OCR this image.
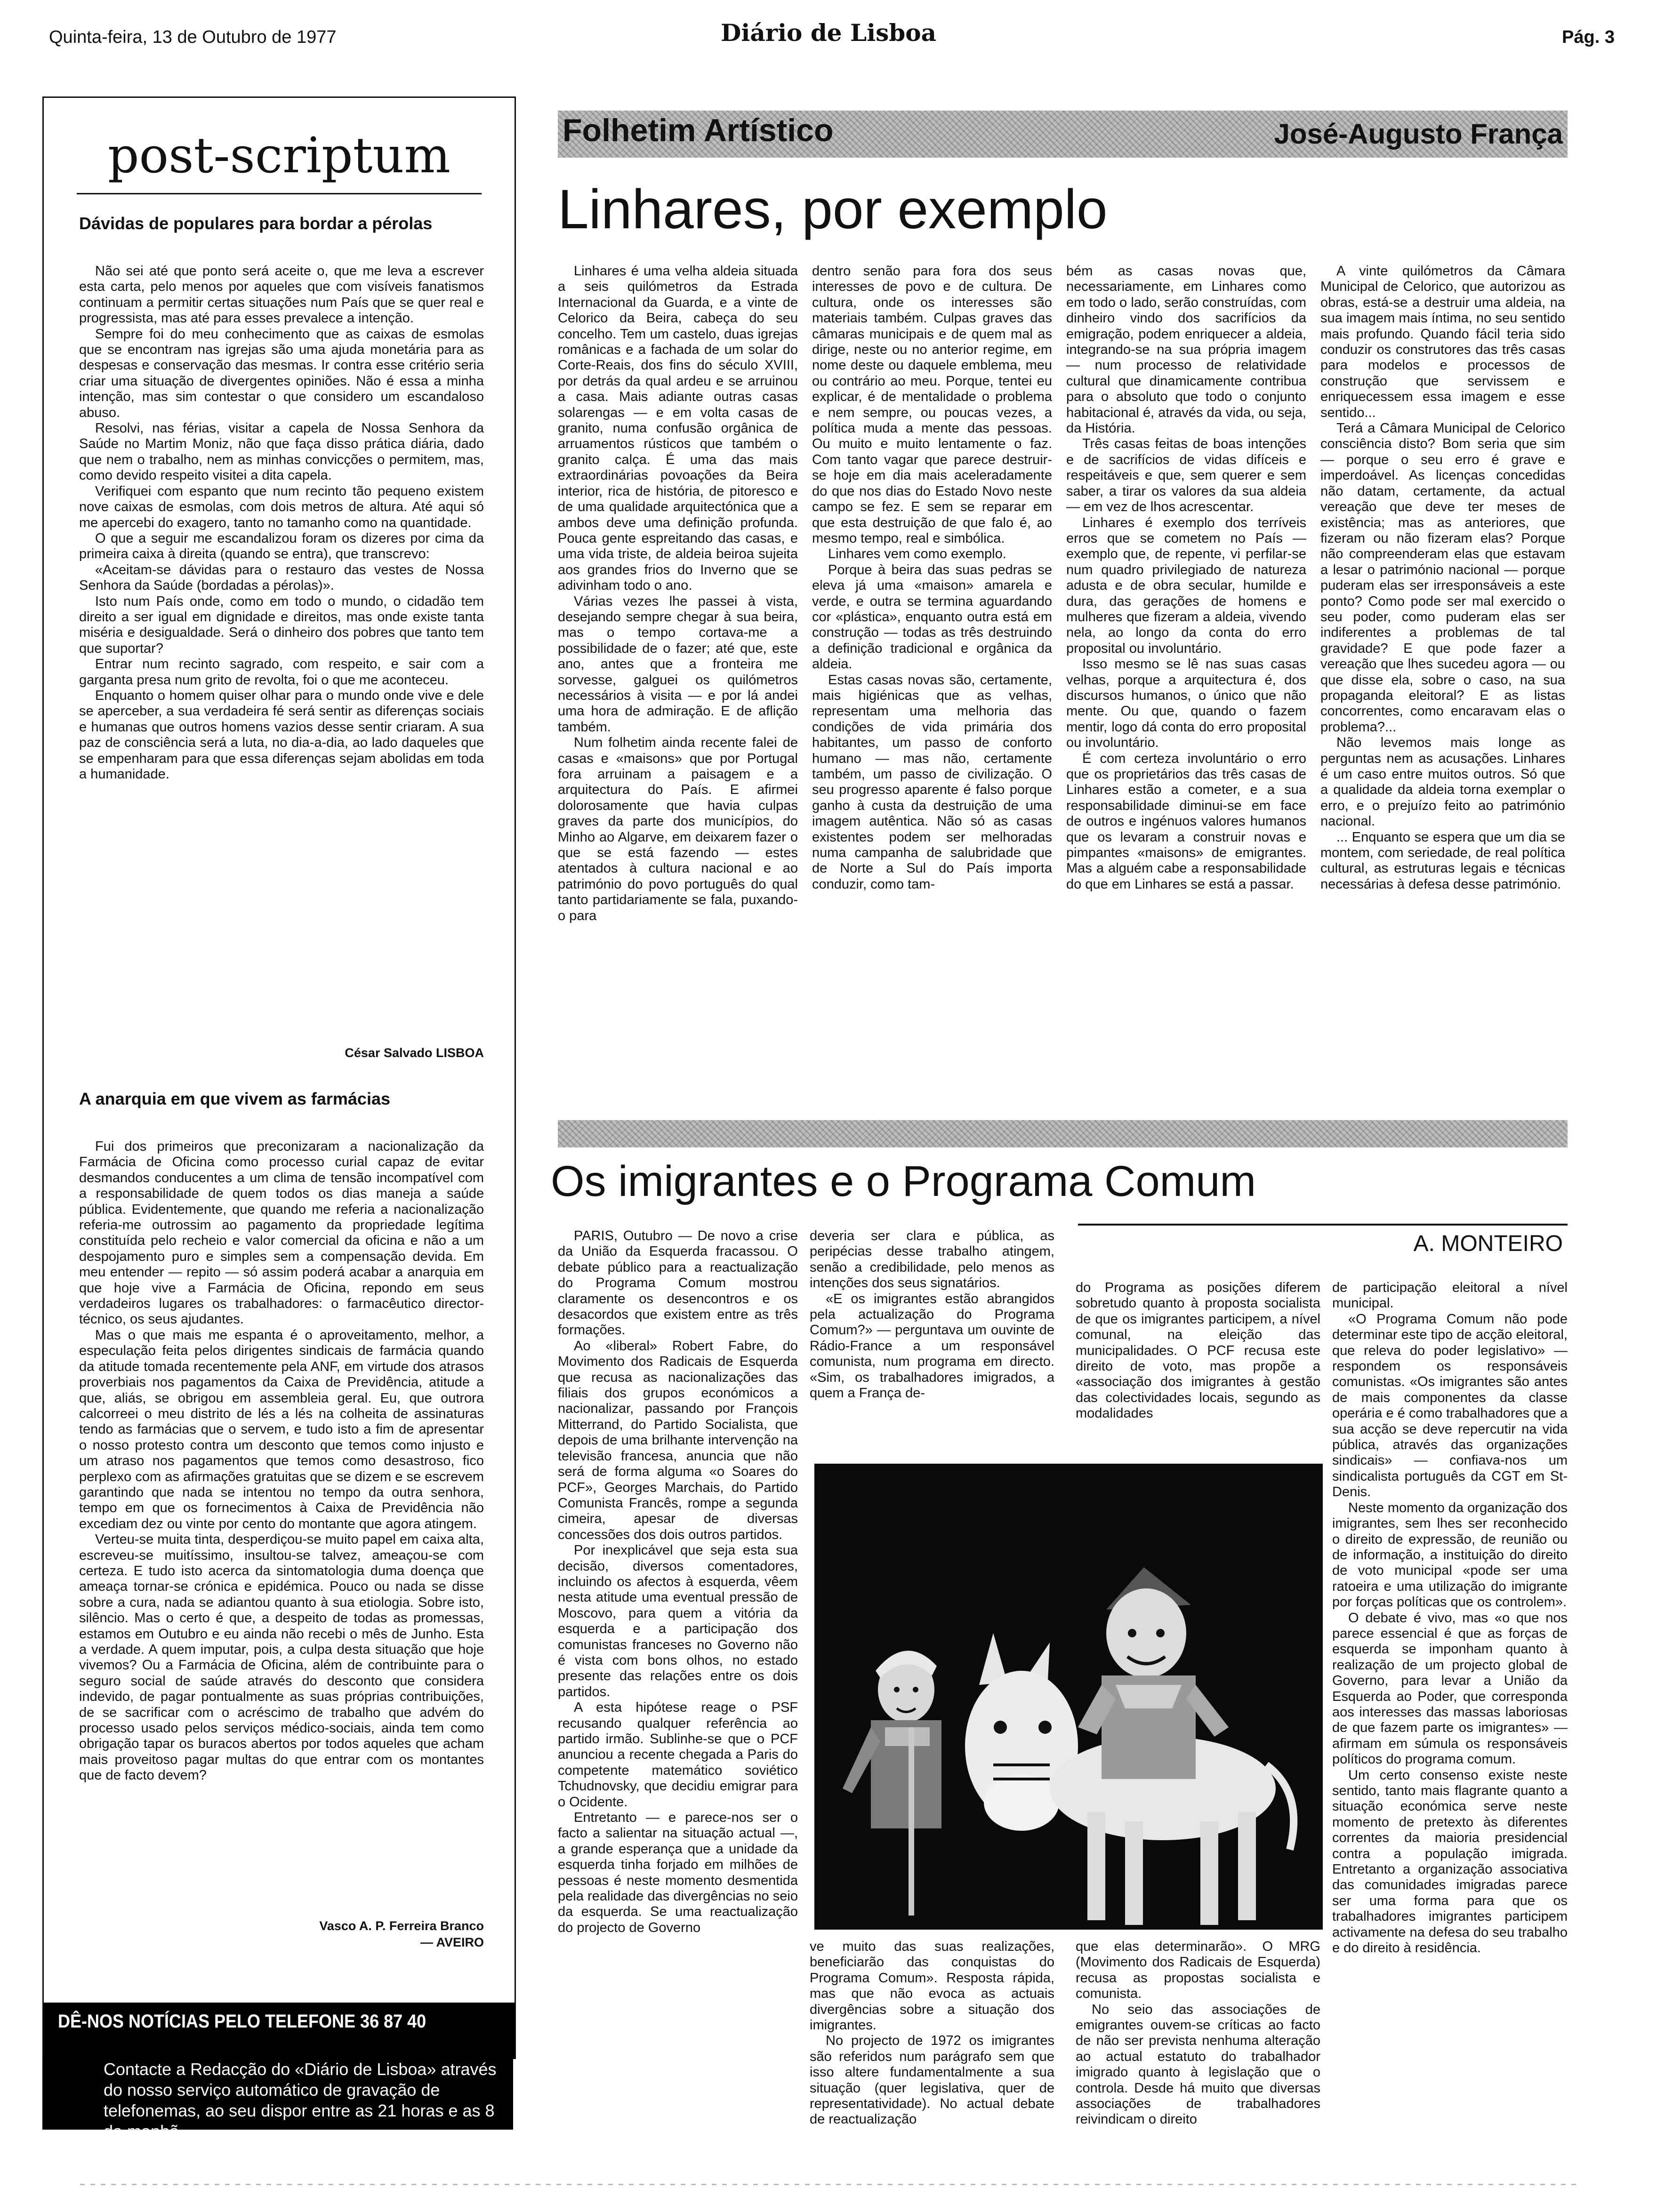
Quinta-feira, 13 de Outubro de 1977	Diário de Lisboa	Pág. 3
post-scriptum
Dávidas de populares para bordar a pérolas

Não sei até que ponto será aceite o, que me leva a escrever esta carta, pelo menos por aqueles que com visíveis fanatismos continuam a permitir certas situações num País que se quer real e progressista, mas até para esses prevalece a intenção.

Sempre foi do meu conhecimento que as caixas de esmolas que se encontram nas igrejas são uma ajuda monetária para as despesas e conservação das mesmas. Ir contra esse critério seria criar uma situação de divergentes opiniões. Não é essa a minha intenção, mas sim contestar o que considero um escandaloso abuso.

Resolvi, nas férias, visitar a capela de Nossa Senhora da Saúde no Martim Moniz, não que faça disso prática diária, dado que nem o trabalho, nem as minhas convicções o permitem, mas, como devido respeito visitei a dita capela.

Verifiquei com espanto que num recinto tão pequeno existem nove caixas de esmolas, com dois metros de altura. Até aqui só me apercebi do exagero, tanto no tamanho como na quantidade.

O que a seguir me escandalizou foram os dizeres por cima da primeira caixa à direita (quando se entra), que transcrevo:

«Aceitam-se dávidas para o restauro das vestes de Nossa Senhora da Saúde (bordadas a pérolas)».

Isto num País onde, como em todo o mundo, o cidadão tem direito a ser igual em dignidade e direitos, mas onde existe tanta miséria e desigualdade. Será o dinheiro dos pobres que tanto tem que suportar?

Entrar num recinto sagrado, com respeito, e sair com a garganta presa num grito de revolta, foi o que me aconteceu.

Enquanto o homem quiser olhar para o mundo onde vive e dele se aperceber, a sua verdadeira fé será sentir as diferenças sociais e humanas que outros homens vazios desse sentir criaram. A sua paz de consciência será a luta, no dia-a-dia, ao lado daqueles que se empenharam para que essa diferenças sejam abolidas em toda a humanidade.

César Salvado LISBOA
A anarquia em que vivem as farmácias

Fui dos primeiros que preconizaram a nacionalização da Farmácia de Oficina como processo curial capaz de evitar desmandos conducentes a um clima de tensão incompatível com a responsabilidade de quem todos os dias maneja a saúde pública. Evidentemente, que quando me referia a nacionalização referia-me outrossim ao pagamento da propriedade legítima constituída pelo recheio e valor comercial da oficina e não a um despojamento puro e simples sem a compensação devida. Em meu entender — repito — só assim poderá acabar a anarquia em que hoje vive a Farmácia de Oficina, repondo em seus verdadeiros lugares os trabalhadores: o farmacêutico director-técnico, os seus ajudantes.

Mas o que mais me espanta é o aproveitamento, melhor, a especulação feita pelos dirigentes sindicais de farmácia quando da atitude tomada recentemente pela ANF, em virtude dos atrasos proverbiais nos pagamentos da Caixa de Previdência, atitude a que, aliás, se obrigou em assembleia geral. Eu, que outrora calcorreei o meu distrito de lés a lés na colheita de assinaturas tendo as farmácias que o servem, e tudo isto a fim de apresentar o nosso protesto contra um desconto que temos como injusto e um atraso nos pagamentos que temos como desastroso, fico perplexo com as afirmações gratuitas que se dizem e se escrevem garantindo que nada se intentou no tempo da outra senhora, tempo em que os fornecimentos à Caixa de Previdência não excediam dez ou vinte por cento do montante que agora atingem.

Verteu-se muita tinta, desperdiçou-se muito papel em caixa alta, escreveu-se muitíssimo, insultou-se talvez, ameaçou-se com certeza. E tudo isto acerca da sintomatologia duma doença que ameaça tornar-se crónica e epidémica. Pouco ou nada se disse sobre a cura, nada se adiantou quanto à sua etiologia. Sobre isto, silêncio. Mas o certo é que, a despeito de todas as promessas, estamos em Outubro e eu ainda não recebi o mês de Junho. Esta a verdade. A quem imputar, pois, a culpa desta situação que hoje vivemos? Ou a Farmácia de Oficina, além de contribuinte para o seguro social de saúde através do desconto que considera indevido, de pagar pontualmente as suas próprias contribuições, de se sacrificar com o acréscimo de trabalho que advém do processo usado pelos serviços médico-sociais, ainda tem como obrigação tapar os buracos abertos por todos aqueles que acham mais proveitoso pagar multas do que entrar com os montantes que de facto devem?

Vasco A. P. Ferreira Branco
— AVEIRO
DÊ-NOS NOTÍCIAS PELO TELEFONE 36 87 40
Contacte a Redacção do «Diário de Lisboa» através do nosso serviço automático de gravação de telefonemas, ao seu dispor entre as 21 horas e as 8 da manhã.
Folhetim Artístico	José-Augusto França
Linhares, por exemplo

Linhares é uma velha aldeia situada a seis quilómetros da Estrada Internacional da Guarda, e a vinte de Celorico da Beira, cabeça do seu concelho. Tem um castelo, duas igrejas românicas e a fachada de um solar do Corte-Reais, dos fins do século XVIII, por detrás da qual ardeu e se arruinou a casa. Mais adiante outras casas solarengas — e em volta casas de granito, numa confusão orgânica de arruamentos rústicos que também o granito calça. É uma das mais extraordinárias povoações da Beira interior, rica de história, de pitoresco e de uma qualidade arquitectónica que a ambos deve uma definição profunda. Pouca gente espreitando das casas, e uma vida triste, de aldeia beiroa sujeita aos grandes frios do Inverno que se adivinham todo o ano.

Várias vezes lhe passei à vista, desejando sempre chegar à sua beira, mas o tempo cortava-me a possibilidade de o fazer; até que, este ano, antes que a fronteira me sorvesse, galguei os quilómetros necessários à visita — e por lá andei uma hora de admiração. E de aflição também.

Num folhetim ainda recente falei de casas e «maisons» que por Portugal fora arruinam a paisagem e a arquitectura do País. E afirmei dolorosamente que havia culpas graves da parte dos municípios, do Minho ao Algarve, em deixarem fazer o que se está fazendo — estes atentados à cultura nacional e ao património do povo português do qual tanto partidariamente se fala, puxando-o para

dentro senão para fora dos seus interesses de povo e de cultura. De cultura, onde os interesses são materiais também. Culpas graves das câmaras municipais e de quem mal as dirige, neste ou no anterior regime, em nome deste ou daquele emblema, meu ou contrário ao meu. Porque, tentei eu explicar, é de mentalidade o problema e nem sempre, ou poucas vezes, a política muda a mente das pessoas. Ou muito e muito lentamente o faz. Com tanto vagar que parece destruir-se hoje em dia mais aceleradamente do que nos dias do Estado Novo neste campo se fez. E sem se reparar em que esta destruição de que falo é, ao mesmo tempo, real e simbólica.

Linhares vem como exemplo.

Porque à beira das suas pedras se eleva já uma «maison» amarela e verde, e outra se termina aguardando cor «plástica», enquanto outra está em construção — todas as três destruindo a definição tradicional e orgânica da aldeia.

Estas casas novas são, certamente, mais higiénicas que as velhas, representam uma melhoria das condições de vida primária dos habitantes, um passo de conforto humano — mas não, certamente também, um passo de civilização. O seu progresso aparente é falso porque ganho à custa da destruição de uma imagem autêntica. Não só as casas existentes podem ser melhoradas numa campanha de salubridade que de Norte a Sul do País importa conduzir, como tam-

bém as casas novas que, necessariamente, em Linhares como em todo o lado, serão construídas, com dinheiro vindo dos sacrifícios da emigração, podem enriquecer a aldeia, integrando-se na sua própria imagem — num processo de relatividade cultural que dinamicamente contribua para o absoluto que todo o conjunto habitacional é, através da vida, ou seja, da História.

Três casas feitas de boas intenções e de sacrifícios de vidas difíceis e respeitáveis e que, sem querer e sem saber, a tirar os valores da sua aldeia — em vez de lhos acrescentar.

Linhares é exemplo dos terríveis erros que se cometem no País — exemplo que, de repente, vi perfilar-se num quadro privilegiado de natureza adusta e de obra secular, humilde e dura, das gerações de homens e mulheres que fizeram a aldeia, vivendo nela, ao longo da conta do erro proposital ou involuntário.

Isso mesmo se lê nas suas casas velhas, porque a arquitectura é, dos discursos humanos, o único que não mente. Ou que, quando o fazem mentir, logo dá conta do erro proposital ou involuntário.

É com certeza involuntário o erro que os proprietários das três casas de Linhares estão a cometer, e a sua responsabilidade diminui-se em face de outros e ingénuos valores humanos que os levaram a construir novas e pimpantes «maisons» de emigrantes. Mas a alguém cabe a responsabilidade do que em Linhares se está a passar.

A vinte quilómetros da Câmara Municipal de Celorico, que autorizou as obras, está-se a destruir uma aldeia, na sua imagem mais íntima, no seu sentido mais profundo. Quando fácil teria sido conduzir os construtores das três casas para modelos e processos de construção que servissem e enriquecessem essa imagem e esse sentido...

Terá a Câmara Municipal de Celorico consciência disto? Bom seria que sim — porque o seu erro é grave e imperdoável. As licenças concedidas não datam, certamente, da actual vereação que deve ter meses de existência; mas as anteriores, que fizeram ou não fizeram elas? Porque não compreenderam elas que estavam a lesar o património nacional — porque puderam elas ser irresponsáveis a este ponto? Como pode ser mal exercido o seu poder, como puderam elas ser indiferentes a problemas de tal gravidade? E que pode fazer a vereação que lhes sucedeu agora — ou que disse ela, sobre o caso, na sua propaganda eleitoral? E as listas concorrentes, como encaravam elas o problema?...

Não levemos mais longe as perguntas nem as acusações. Linhares é um caso entre muitos outros. Só que a qualidade da aldeia torna exemplar o erro, e o prejuízo feito ao património nacional.

... Enquanto se espera que um dia se montem, com seriedade, de real política cultural, as estruturas legais e técnicas necessárias à defesa desse património.

Os imigrantes e o Programa Comum
A. MONTEIRO

PARIS, Outubro — De novo a crise da União da Esquerda fracassou. O debate público para a reactualização do Programa Comum mostrou claramente os desencontros e os desacordos que existem entre as três formações.

Ao «liberal» Robert Fabre, do Movimento dos Radicais de Esquerda que recusa as nacionalizações das filiais dos grupos económicos a nacionalizar, passando por François Mitterrand, do Partido Socialista, que depois de uma brilhante intervenção na televisão francesa, anuncia que não será de forma alguma «o Soares do PCF», Georges Marchais, do Partido Comunista Francês, rompe a segunda cimeira, apesar de diversas concessões dos dois outros partidos.

Por inexplicável que seja esta sua decisão, diversos comentadores, incluindo os afectos à esquerda, vêem nesta atitude uma eventual pressão de Moscovo, para quem a vitória da esquerda e a participação dos comunistas franceses no Governo não é vista com bons olhos, no estado presente das relações entre os dois partidos.

A esta hipótese reage o PSF recusando qualquer referência ao partido irmão. Sublinhe-se que o PCF anunciou a recente chegada a Paris do competente matemático soviético Tchudnovsky, que decidiu emigrar para o Ocidente.

Entretanto — e parece-nos ser o facto a salientar na situação actual —, a grande esperança que a unidade da esquerda tinha forjado em milhões de pessoas é neste momento desmentida pela realidade das divergências no seio da esquerda. Se uma reactualização do projecto de Governo

deveria ser clara e pública, as peripécias desse trabalho atingem, senão a credibilidade, pelo menos as intenções dos seus signatários.

«E os imigrantes estão abrangidos pela actualização do Programa Comum?» — perguntava um ouvinte de Rádio-France a um responsável comunista, num programa em directo. «Sim, os trabalhadores imigrados, a quem a França de-

do Programa as posições diferem sobretudo quanto à proposta socialista de que os imigrantes participem, a nível comunal, na eleição das municipalidades. O PCF recusa este direito de voto, mas propõe a «associação dos imigrantes à gestão das colectividades locais, segundo as modalidades

ve muito das suas realizações, beneficiarão das conquistas do Programa Comum». Resposta rápida, mas que não evoca as actuais divergências sobre a situação dos imigrantes.

No projecto de 1972 os imigrantes são referidos num parágrafo sem que isso altere fundamentalmente a sua situação (quer legislativa, quer de representatividade). No actual debate de reactualização

que elas determinarão». O MRG (Movimento dos Radicais de Esquerda) recusa as propostas socialista e comunista.

No seio das associações de emigrantes ouvem-se críticas ao facto de não ser prevista nenhuma alteração ao actual estatuto do trabalhador imigrado quanto à legislação que o controla. Desde há muito que diversas associações de trabalhadores reivindicam o direito

de participação eleitoral a nível municipal.

«O Programa Comum não pode determinar este tipo de acção eleitoral, que releva do poder legislativo» — respondem os responsáveis comunistas. «Os imigrantes são antes de mais componentes da classe operária e é como trabalhadores que a sua acção se deve repercutir na vida pública, através das organizações sindicais» — confiava-nos um sindicalista português da CGT em St-Denis.

Neste momento da organização dos imigrantes, sem lhes ser reconhecido o direito de expressão, de reunião ou de informação, a instituição do direito de voto municipal «pode ser uma ratoeira e uma utilização do imigrante por forças políticas que os controlem».

O debate é vivo, mas «o que nos parece essencial é que as forças de esquerda se imponham quanto à realização de um projecto global de Governo, para levar a União da Esquerda ao Poder, que corresponda aos interesses das massas laboriosas de que fazem parte os imigrantes» — afirmam em súmula os responsáveis políticos do programa comum.

Um certo consenso existe neste sentido, tanto mais flagrante quanto a situação económica serve neste momento de pretexto às diferentes correntes da maioria presidencial contra a população imigrada. Entretanto a organização associativa das comunidades imigradas parece ser uma forma para que os trabalhadores imigrantes participem activamente na defesa do seu trabalho e do direito à residência.
